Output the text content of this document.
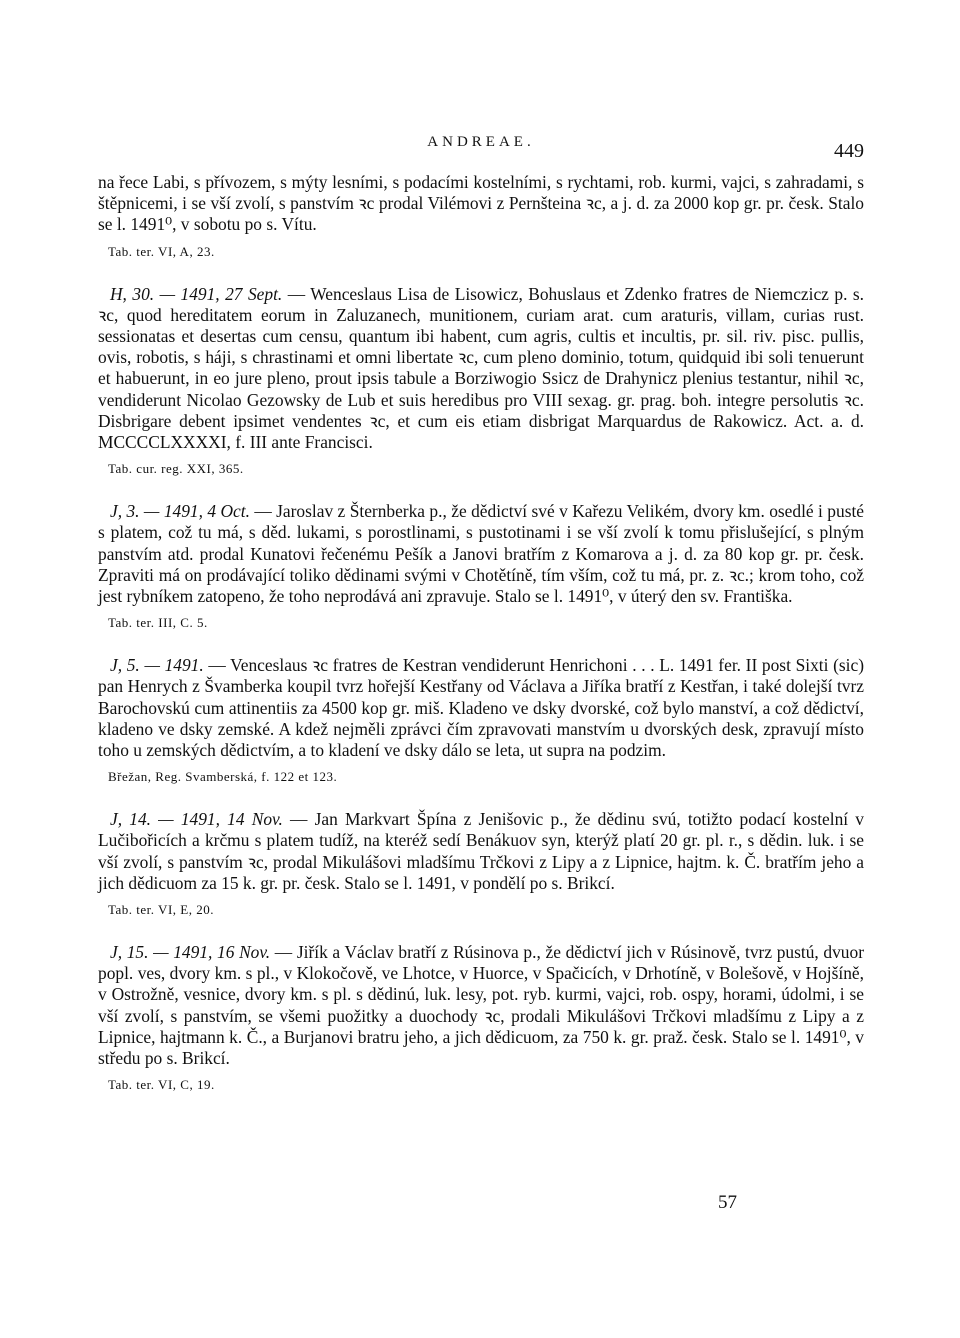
ANDREAE.	449

na řece Labi, s přívozem, s mýty lesními, s podacími kostelními, s rychtami, rob. kurmi, vajci, s zahradami, s štěpnicemi, i se vší zvolí, s panstvím ꝛc prodal Vilémovi z Pernšteina ꝛc, a j. d. za 2000 kop gr. pr. česk. Stalo se l. 1491⁰, v sobotu po s. Vítu.

Tab. ter. VI, A, 23.

H, 30. — 1491, 27 Sept. — Wenceslaus Lisa de Lisowicz, Bohuslaus et Zdenko fratres de Niemczicz p. s. ꝛc, quod hereditatem eorum in Zaluzanech, munitionem, curiam arat. cum araturis, villam, curias rust. sessionatas et desertas cum censu, quantum ibi habent, cum agris, cultis et incultis, pr. sil. riv. pisc. pullis, ovis, robotis, s háji, s chrastinami et omni libertate ꝛc, cum pleno dominio, totum, quidquid ibi soli tenuerunt et habuerunt, in eo jure pleno, prout ipsis tabule a Borziwogio Ssicz de Drahynicz plenius testantur, nihil ꝛc, vendiderunt Nicolao Gezowsky de Lub et suis heredibus pro VIII sexag. gr. prag. boh. integre persolutis ꝛc. Disbrigare debent ipsimet vendentes ꝛc, et cum eis etiam disbrigat Marquardus de Rakowicz. Act. a. d. MCCCCLXXXXI, f. III ante Francisci.

Tab. cur. reg. XXI, 365.

J, 3. — 1491, 4 Oct. — Jaroslav z Šternberka p., že dědictví své v Kařezu Velikém, dvory km. osedlé i pusté s platem, což tu má, s děd. lukami, s porostlinami, s pustotinami i se vší zvolí k tomu přislušející, s plným panstvím atd. prodal Kunatovi řečenému Pešík a Janovi bratřím z Komarova a j. d. za 80 kop gr. pr. česk. Zpraviti má on prodávající toliko dědinami svými v Chotětíně, tím vším, což tu má, pr. z. ꝛc.; krom toho, což jest rybníkem zatopeno, že toho neprodává ani zpravuje. Stalo se l. 1491⁰, v úterý den sv. Františka.

Tab. ter. III, C. 5.

J, 5. — 1491. — Venceslaus ꝛc fratres de Kestran vendiderunt Henrichoni . . . L. 1491 fer. II post Sixti (sic) pan Henrych z Švamberka koupil tvrz hořejší Kestřany od Václava a Jiříka bratří z Kestřan, i také dolejší tvrz Barochovskú cum attinentiis za 4500 kop gr. miš. Kladeno ve dsky dvorské, což bylo manství, a což dědictví, kladeno ve dsky zemské. A kdež nejměli zprávci čím zpravovati manstvím u dvorských desk, zpravují místo toho u zemských dědictvím, a to kladení ve dsky dálo se leta, ut supra na podzim.

Břežan, Reg. Svamberská, f. 122 et 123.

J, 14. — 1491, 14 Nov. — Jan Markvart Špína z Jenišovic p., že dědinu svú, totižto podací kostelní v Lučibořicích a krčmu s platem tudíž, na kteréž sedí Benákuov syn, kterýž platí 20 gr. pl. r., s dědin. luk. i se vší zvolí, s panstvím ꝛc, prodal Mikulášovi mladšímu Trčkovi z Lipy a z Lipnice, hajtm. k. Č. bratřím jeho a jich dědicuom za 15 k. gr. pr. česk. Stalo se l. 1491, v pondělí po s. Brikcí.

Tab. ter. VI, E, 20.

J, 15. — 1491, 16 Nov. — Jiřík a Václav bratří z Rúsinova p., že dědictví jich v Rúsinově, tvrz pustú, dvuor popl. ves, dvory km. s pl., v Klokočově, ve Lhotce, v Huorce, v Spačicích, v Drhotíně, v Bolešově, v Hojšíně, v Ostrožně, vesnice, dvory km. s pl. s dědinú, luk. lesy, pot. ryb. kurmi, vajci, rob. ospy, horami, údolmi, i se vší zvolí, s panstvím, se všemi puožitky a duochody ꝛc, prodali Mikulášovi Trčkovi mladšímu z Lipy a z Lipnice, hajtmann k. Č., a Burjanovi bratru jeho, a jich dědicuom, za 750 k. gr. praž. česk. Stalo se l. 1491⁰, v středu po s. Brikcí.

Tab. ter. VI, C, 19.
57
